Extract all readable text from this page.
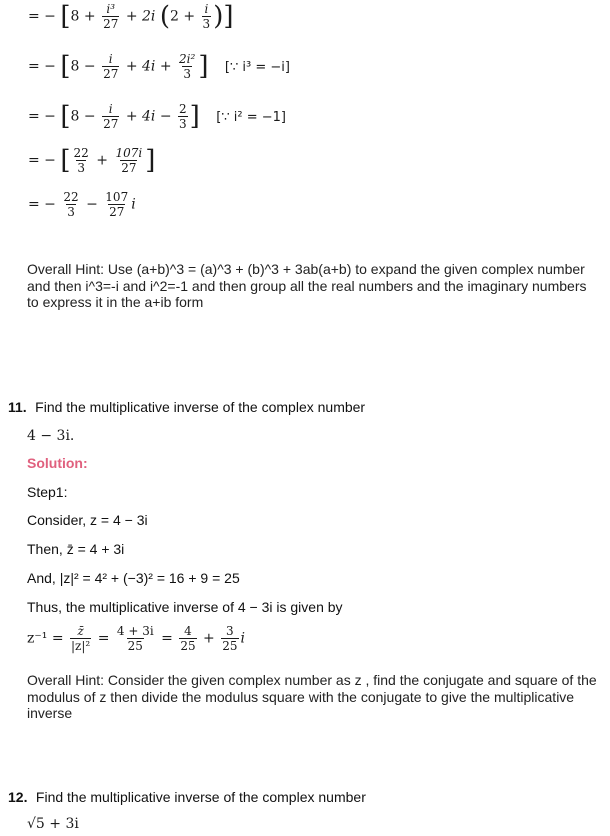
= − [$8 + \frac{\text{i³}}{27} + 2i$ ($2 + \frac{i}{3}$ )]
= − [$8 - \frac{i}{27} + 4i + \frac{\text{2i²}}{3}$ ] [∵ i³ = −i]
= − [$8 - \frac{i}{27} + 4i - \frac{2}{3}$ ] [∵ i² = −1]
= − [ $\frac{22}{3} + \frac{107i}{27}$ ]
= − $\frac{22}{3} - \frac{107}{27}$ i
Overall Hint: Use (a+b)^3 = (a)^3 + (b)^3 + 3ab(a+b) to expand the given complex number and then i^3=-i and i^2=-1 and then group all the real numbers and the imaginary numbers to express it in the a+ib form
11. Find the multiplicative inverse of the complex number
4 − 3i.
Solution:
Step1:
Consider, z = 4 − 3i
Then, z̄ = 4 + 3i
And, |z|² = 4² + (−3)² = 16 + 9 = 25
Thus, the multiplicative inverse of 4 − 3i is given by
$z^{-1} = \frac{z̄}{\text{|z|²}} = \frac{4 + 3i}{25} = \frac{4}{25} + \frac{3}{25}$ i
Overall Hint: Consider the given complex number as z , find the conjugate and square of the modulus of z then divide the modulus square with the conjugate to give the multiplicative inverse
12. Find the multiplicative inverse of the complex number
√5 + 3i
